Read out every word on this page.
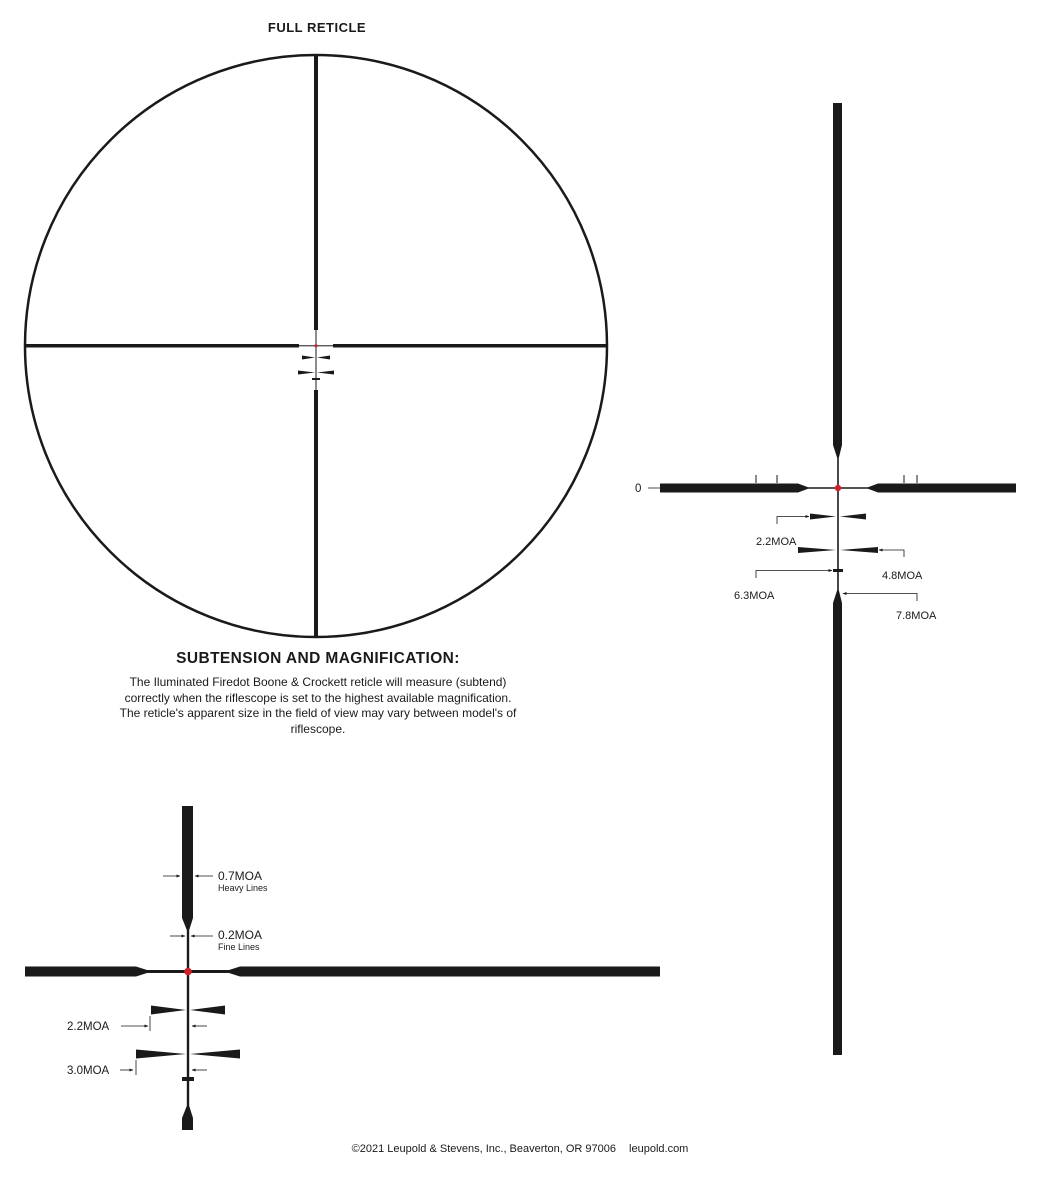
FULL RETICLE
0
2.2MOA
4.8MOA
6.3MOA
7.8MOA
0.7MOA
Heavy Lines
0.2MOA
Fine Lines
2.2MOA
3.0MOA
SUBTENSION AND MAGNIFICATION:
The Iluminated Firedot Boone & Crockett reticle will measure (subtend) correctly when the riflescope is set to the highest available magnification. The reticle's apparent size in the field of view may vary between model's of riflescope.
©2021 Leupold & Stevens, Inc., Beaverton, OR 97006 leupold.com
